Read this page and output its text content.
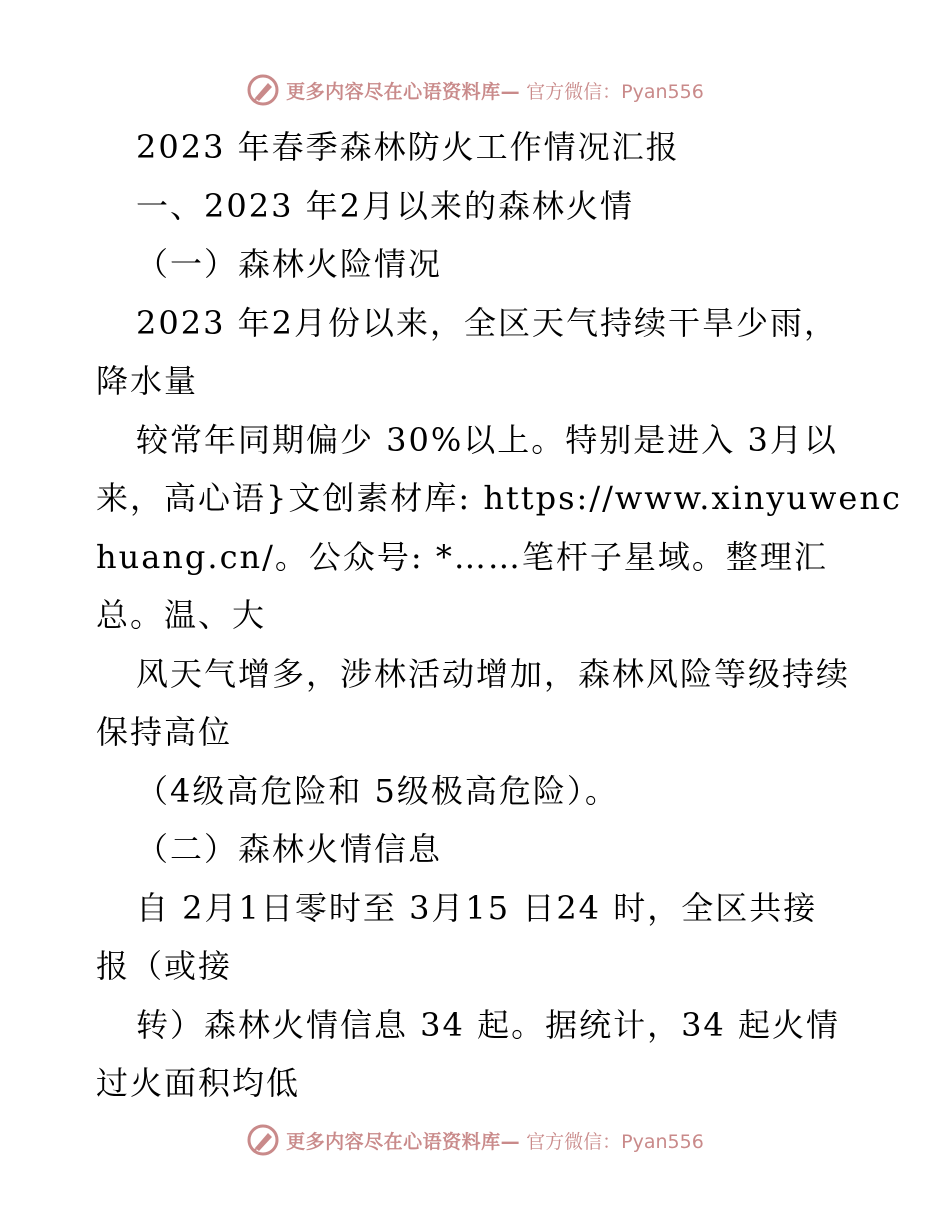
更多内容尽在心语资料库— 官方微信：Pyan556
2023 年春季森林防火工作情况汇报
一、2023 年2月以来的森林火情
（一）森林火险情况
2023 年2月份以来，全区天气持续干旱少雨，
降水量
较常年同期偏少 30%以上。特别是进入 3月以
来，高心语}文创素材库: https://www.xinyuwenc
huang.cn/。公众号: *……笔杆子星域。整理汇
总。温、大
风天气增多，涉林活动增加，森林风险等级持续
保持高位
（4级高危险和 5级极高危险）。
（二）森林火情信息
自 2月1日零时至 3月15 日24 时，全区共接
报（或接
转）森林火情信息 34 起。据统计，34 起火情
过火面积均低
更多内容尽在心语资料库— 官方微信：Pyan556
